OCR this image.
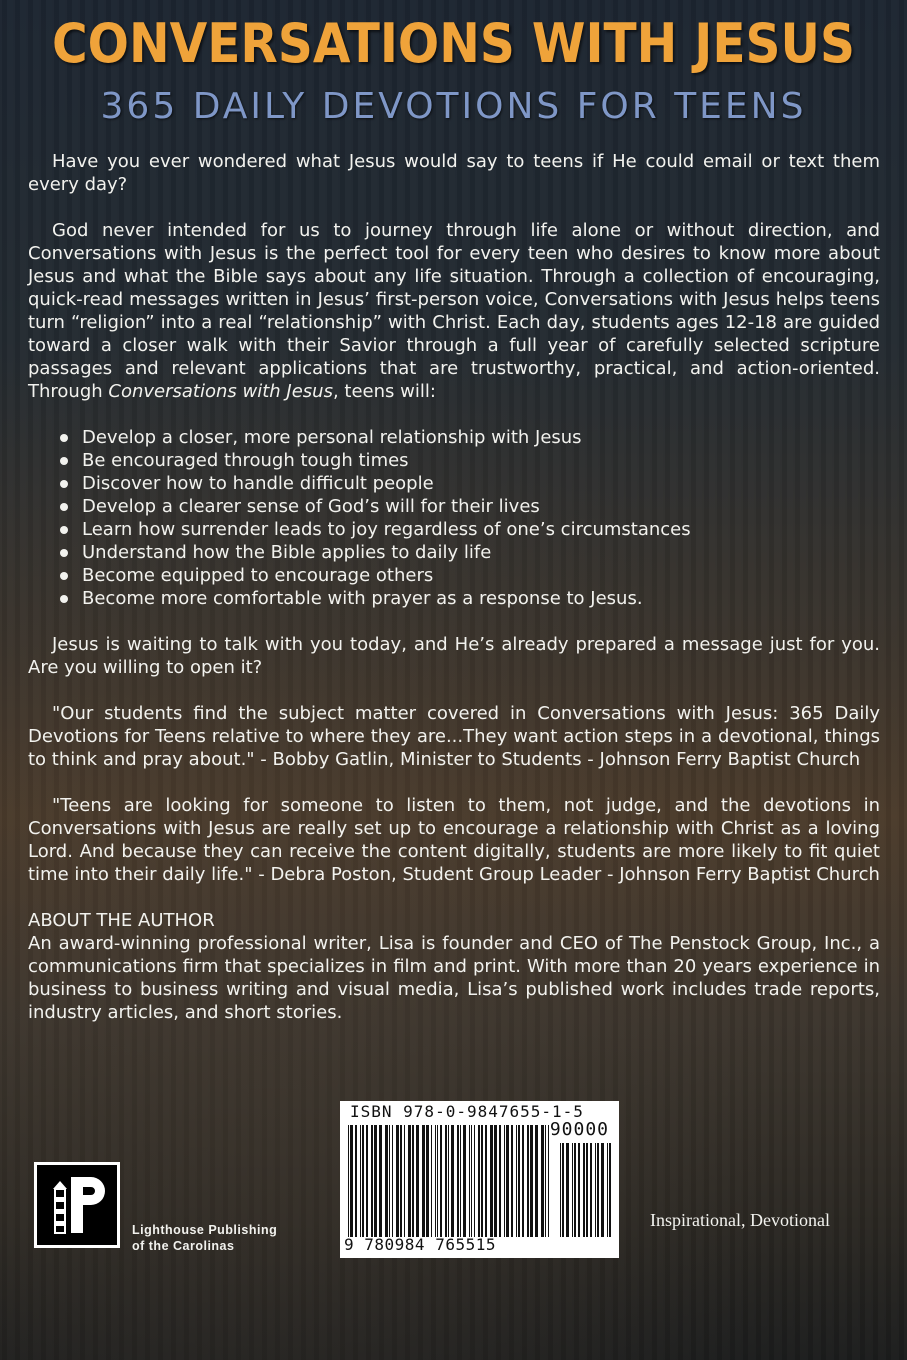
CONVERSATIONS WITH JESUS
365 DAILY DEVOTIONS FOR TEENS

Have you ever wondered what Jesus would say to teens if He could email or text them every day?

God never intended for us to journey through life alone or without direction, and Conversations with Jesus is the perfect tool for every teen who desires to know more about Jesus and what the Bible says about any life situation. Through a collection of encouraging, quick-read messages written in Jesus’ first-person voice, Conversations with Jesus helps teens turn “religion” into a real “relationship” with Christ. Each day, students ages 12-18 are guided toward a closer walk with their Savior through a full year of carefully selected scripture passages and relevant applications that are trustworthy, practical, and action-oriented. Through Conversations with Jesus, teens will:

Develop a closer, more personal relationship with Jesus
Be encouraged through tough times
Discover how to handle difficult people
Develop a clearer sense of God’s will for their lives
Learn how surrender leads to joy regardless of one’s circumstances
Understand how the Bible applies to daily life
Become equipped to encourage others
Become more comfortable with prayer as a response to Jesus.

Jesus is waiting to talk with you today, and He’s already prepared a message just for you. Are you willing to open it?

"Our students find the subject matter covered in Conversations with Jesus: 365 Daily Devotions for Teens relative to where they are...They want action steps in a devotional, things to think and pray about." - Bobby Gatlin, Minister to Students - Johnson Ferry Baptist Church

"Teens are looking for someone to listen to them, not judge, and the devotions in Conversations with Jesus are really set up to encourage a relationship with Christ as a loving Lord. And because they can receive the content digitally, students are more likely to fit quiet time into their daily life." - Debra Poston, Student Group Leader - Johnson Ferry Baptist Church

ABOUT THE AUTHOR

An award-winning professional writer, Lisa is founder and CEO of The Penstock Group, Inc., a communications firm that specializes in film and print. With more than 20 years experience in business to business writing and visual media, Lisa’s published work includes trade reports, industry articles, and short stories.

Lighthouse Publishing
of the Carolinas
ISBN 978-0-9847655-1-5
90000
9 780984 765515
Inspirational, Devotional
